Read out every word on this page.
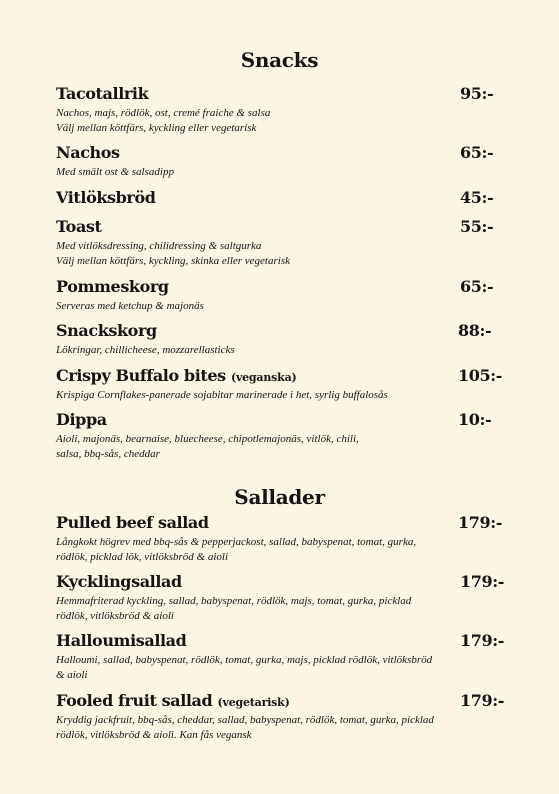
Snacks
Tacotallrik	95:-
Nachos, majs, rödlök, ost, cremé fraiche & salsa
Välj mellan köttfärs, kyckling eller vegetarisk
Nachos	65:-
Med smält ost & salsadipp
Vitlöksbröd	45:-
Toast	55:-
Med vitlöksdressing, chilidressing & saltgurka
Välj mellan köttfärs, kyckling, skinka eller vegetarisk
Pommeskorg	65:-
Serveras med ketchup & majonäs
Snackskorg	88:-
Lökringar, chillicheese, mozzarellasticks
Crispy Buffalo bites (veganska)	105:-
Krispiga Cornflakes-panerade sojabitar marinerade i het, syrlig buffalosås
Dippa	10:-
Aioli, majonäs, bearnaise, bluecheese, chipotlemajonäs, vitlök, chili,
salsa, bbq-sås, cheddar
Sallader
Pulled beef sallad	179:-
Långkokt högrev med bbq-sås & pepperjackost, sallad, babyspenat, tomat, gurka,
rödlök, picklad lök, vitlöksbröd & aioli
Kycklingsallad	179:-
Hemmafriterad kyckling, sallad, babyspenat, rödlök, majs, tomat, gurka, picklad
rödlök, vitlöksbröd & aioli
Halloumisallad	179:-
Halloumi, sallad, babyspenat, rödlök, tomat, gurka, majs, picklad rödlök, vitlöksbröd
& aioli
Fooled fruit sallad (vegetarisk)	179:-
Kryddig jackfruit, bbq-sås, cheddar, sallad, babyspenat, rödlök, tomat, gurka, picklad
rödlök, vitlöksbröd & aioli. Kan fås vegansk
